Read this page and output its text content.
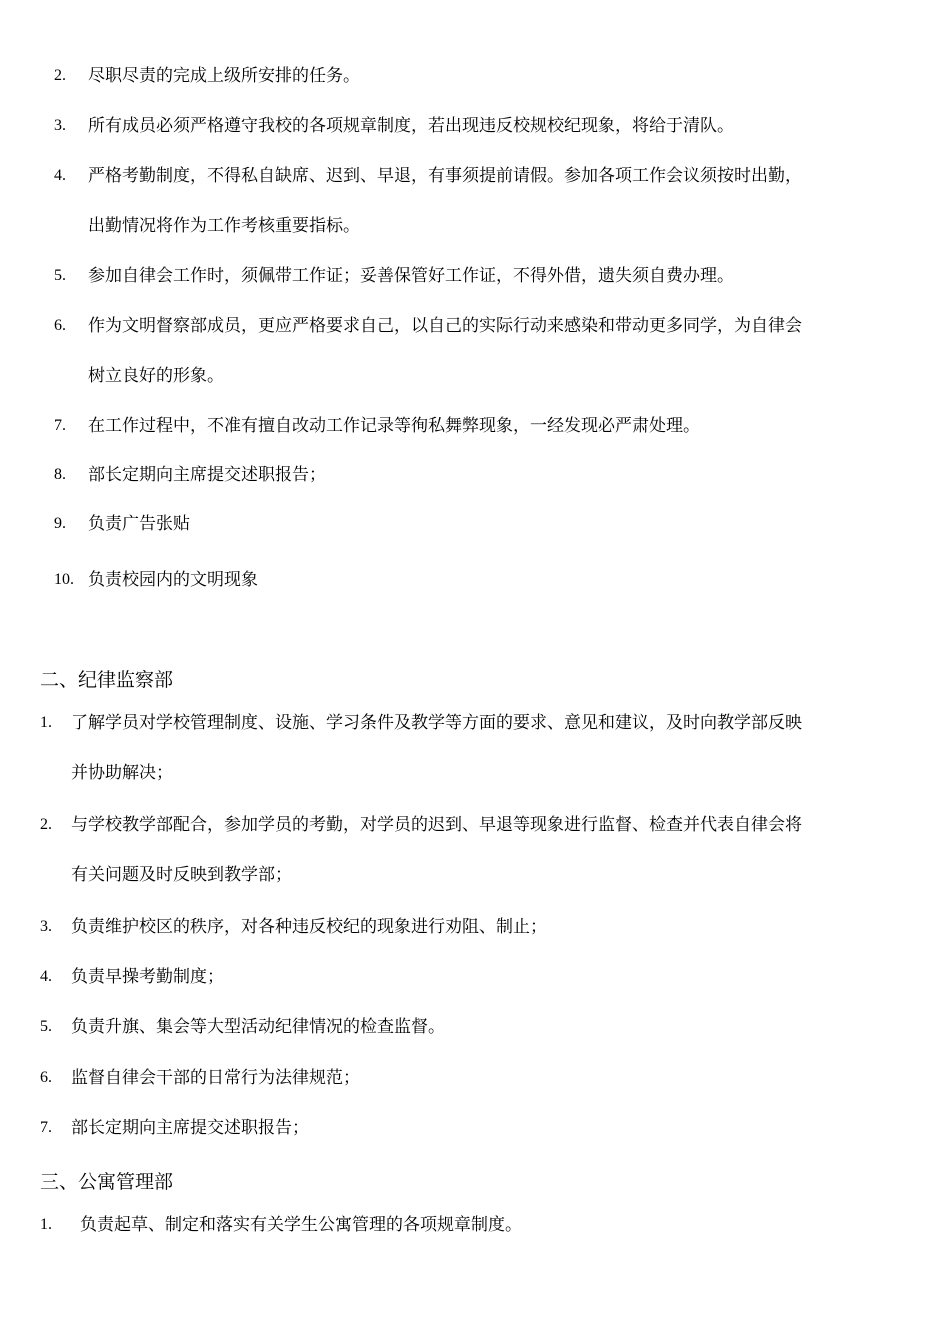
2. 尽职尽责的完成上级所安排的任务。
3. 所有成员必须严格遵守我校的各项规章制度，若出现违反校规校纪现象，将给于清队。
4. 严格考勤制度，不得私自缺席、迟到、早退，有事须提前请假。参加各项工作会议须按时出勤，
出勤情况将作为工作考核重要指标。
5. 参加自律会工作时，须佩带工作证；妥善保管好工作证，不得外借，遗失须自费办理。
6. 作为文明督察部成员，更应严格要求自己，以自己的实际行动来感染和带动更多同学，为自律会
树立良好的形象。
7. 在工作过程中，不准有擅自改动工作记录等徇私舞弊现象，一经发现必严肃处理。
8. 部长定期向主席提交述职报告；
9. 负责广告张贴
10. 负责校园内的文明现象
二、纪律监察部
1. 了解学员对学校管理制度、设施、学习条件及教学等方面的要求、意见和建议，及时向教学部反映
并协助解决；
2. 与学校教学部配合，参加学员的考勤，对学员的迟到、早退等现象进行监督、检查并代表自律会将
有关问题及时反映到教学部；
3. 负责维护校区的秩序，对各种违反校纪的现象进行劝阻、制止；
4. 负责早操考勤制度；
5. 负责升旗、集会等大型活动纪律情况的检查监督。
6. 监督自律会干部的日常行为法律规范；
7. 部长定期向主席提交述职报告；
三、公寓管理部
1. 负责起草、制定和落实有关学生公寓管理的各项规章制度。
